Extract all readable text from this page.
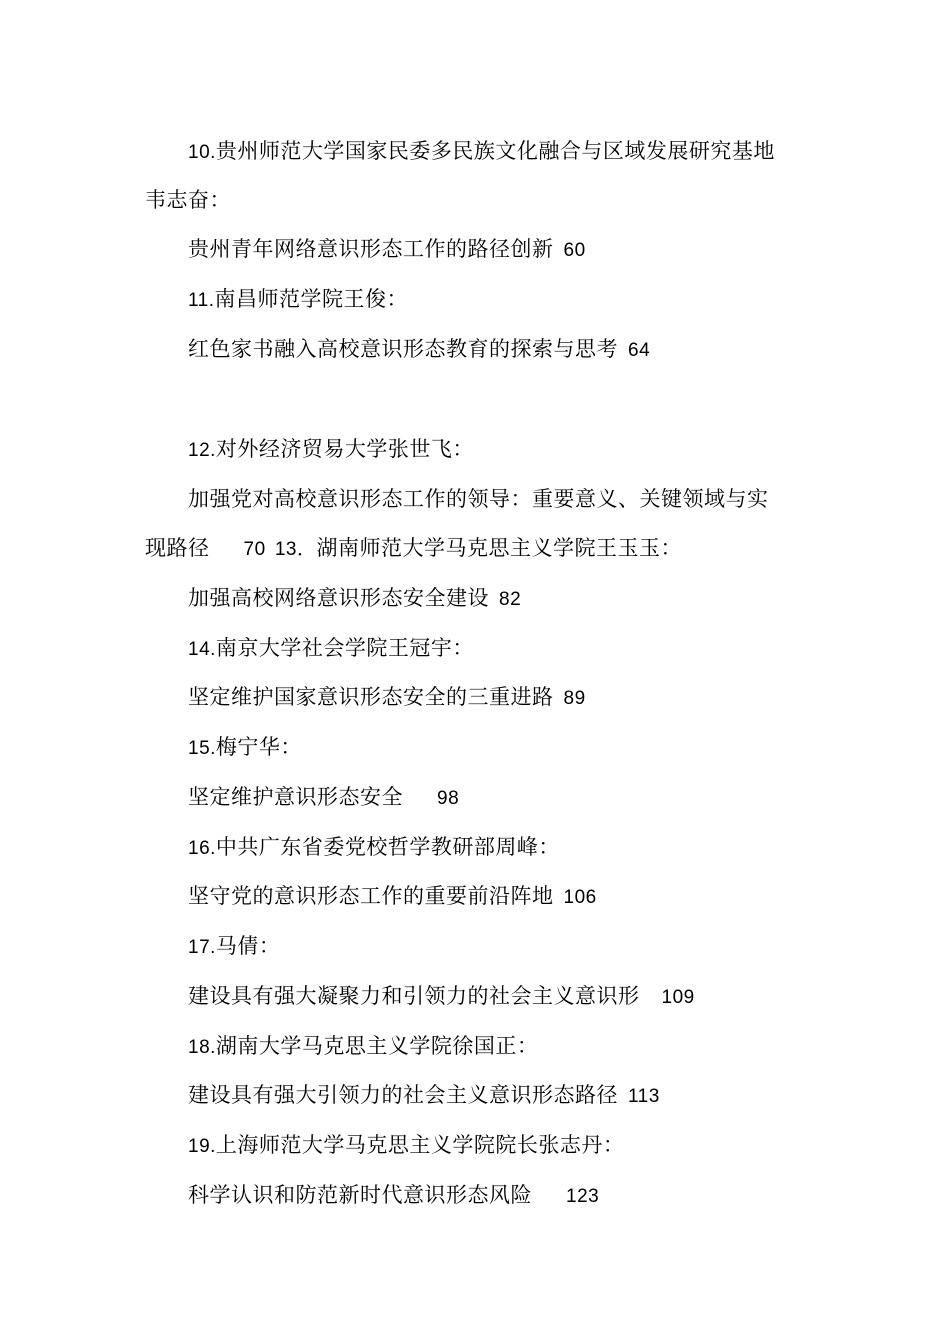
10.贵州师范大学国家民委多民族文化融合与区域发展研究基地
韦志奋：
贵州青年网络意识形态工作的路径创新 60
11.南昌师范学院王俊：
红色家书融入高校意识形态教育的探索与思考 64
12.对外经济贸易大学张世飞：
加强党对高校意识形态工作的领导：重要意义、关键领域与实
现路径 70 13．湖南师范大学马克思主义学院王玉玉：
加强高校网络意识形态安全建设 82
14.南京大学社会学院王冠宇：
坚定维护国家意识形态安全的三重进路 89
15.梅宁华：
坚定维护意识形态安全 98
16.中共广东省委党校哲学教研部周峰：
坚守党的意识形态工作的重要前沿阵地 106
17.马倩：
建设具有强大凝聚力和引领力的社会主义意识形 109
18.湖南大学马克思主义学院徐国正：
建设具有强大引领力的社会主义意识形态路径 113
19.上海师范大学马克思主义学院院长张志丹：
科学认识和防范新时代意识形态风险 123
